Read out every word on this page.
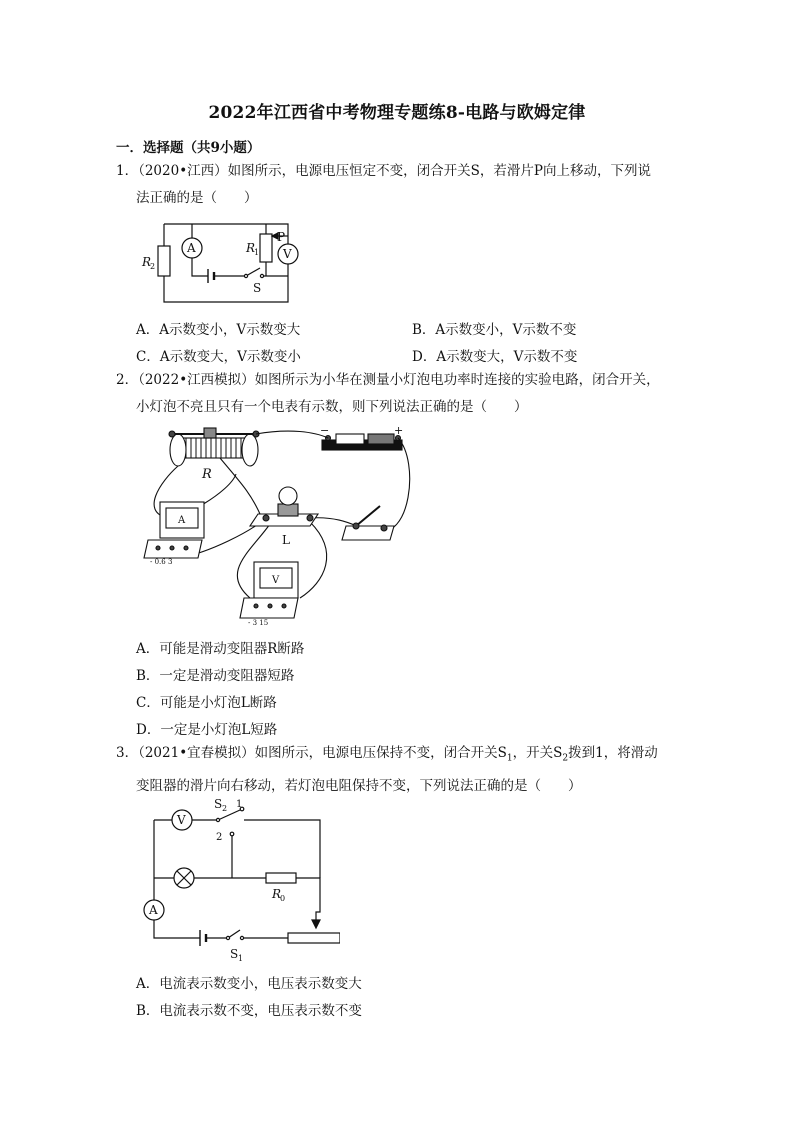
2022年江西省中考物理专题练8-电路与欧姆定律
一．选择题（共9小题）
1．（2020•江西）如图所示，电源电压恒定不变，闭合开关S，若滑片P向上移动，下列说
法正确的是（　　）
A	V
R
2
R
1
P
S
A．A示数变小，V示数变大	B．A示数变小，V示数不变
C．A示数变大，V示数变小	D．A示数变大，V示数不变
2．（2022•江西模拟）如图所示为小华在测量小灯泡电功率时连接的实验电路，闭合开关，
小灯泡不亮且只有一个电表有示数，则下列说法正确的是（　　）
R
L
A
V
−	+
- 0.6 3
- 3 15
A．可能是滑动变阻器R断路
B．一定是滑动变阻器短路
C．可能是小灯泡L断路
D．一定是小灯泡L短路
3．（2021•宜春模拟）如图所示，电源电压保持不变，闭合开关$S_1$，开关$S_2$拨到1，将滑动
变阻器的滑片向右移动，若灯泡电阻保持不变，下列说法正确的是（　　）
V
A
S 2 1
2
R
0
S 1
A．电流表示数变小，电压表示数变大
B．电流表示数不变，电压表示数不变
